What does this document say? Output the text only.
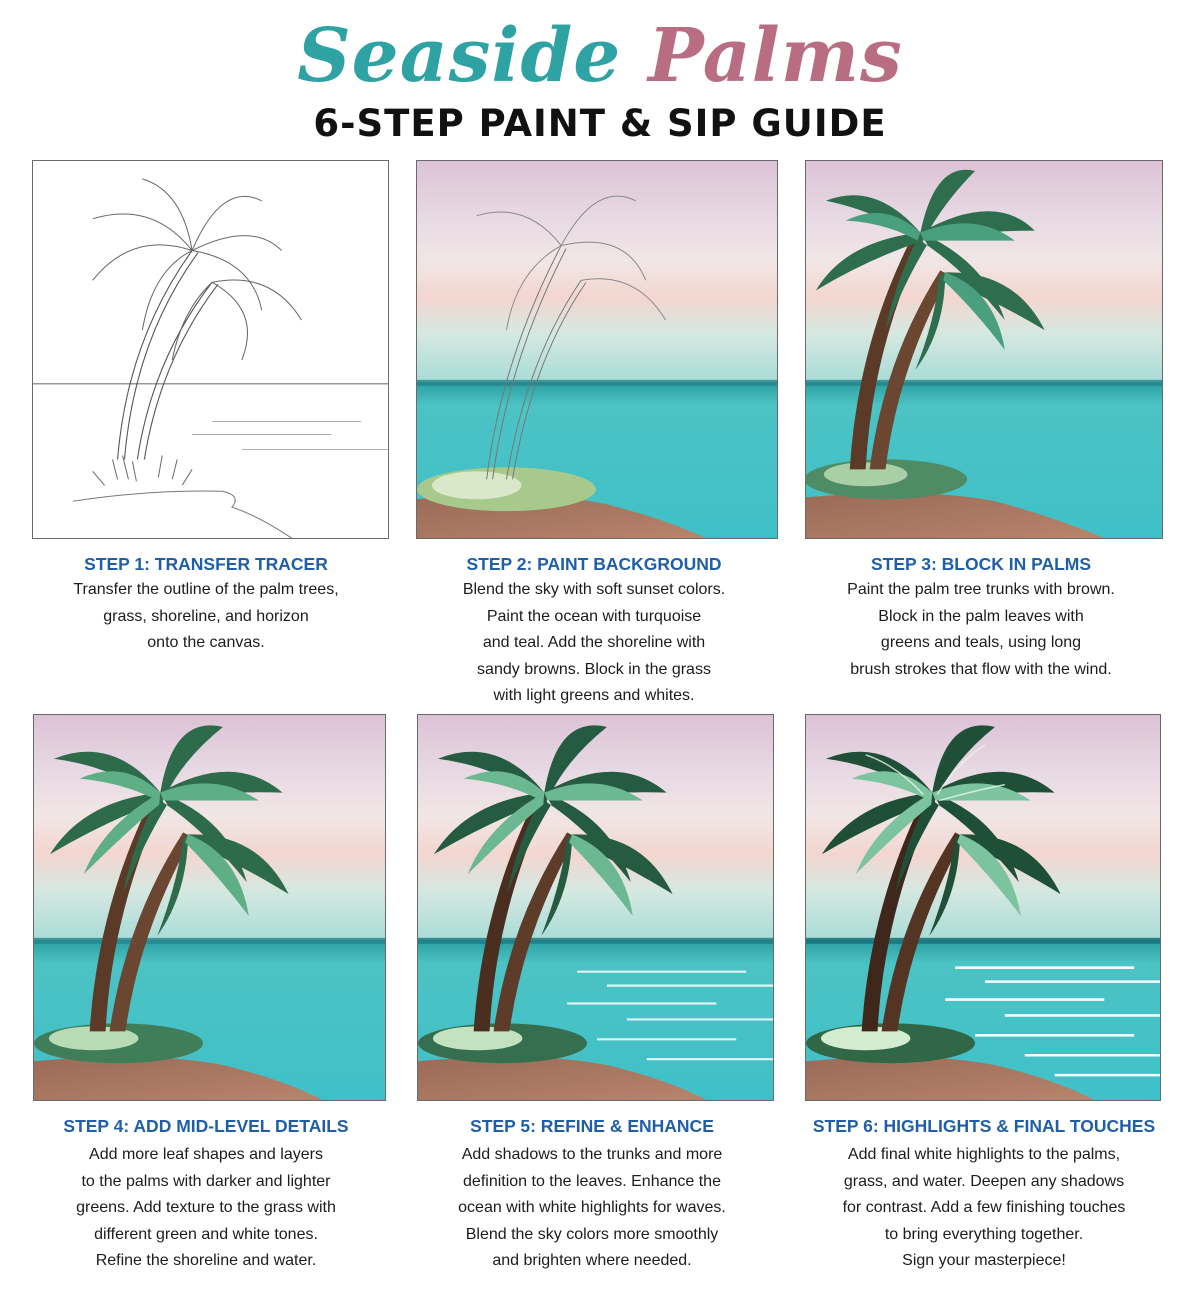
Seaside Palms
6-STEP PAINT & SIP GUIDE
STEP 1: TRANSFER TRACER
Transfer the outline of the palm trees,
grass, shoreline, and horizon
onto the canvas.
STEP 2: PAINT BACKGROUND
Blend the sky with soft sunset colors.
Paint the ocean with turquoise
and teal. Add the shoreline with
sandy browns. Block in the grass
with light greens and whites.
STEP 3: BLOCK IN PALMS
Paint the palm tree trunks with brown.
Block in the palm leaves with
greens and teals, using long
brush strokes that flow with the wind.
STEP 4: ADD MID-LEVEL DETAILS
Add more leaf shapes and layers
to the palms with darker and lighter
greens. Add texture to the grass with
different green and white tones.
Refine the shoreline and water.
STEP 5: REFINE & ENHANCE
Add shadows to the trunks and more
definition to the leaves. Enhance the
ocean with white highlights for waves.
Blend the sky colors more smoothly
and brighten where needed.
STEP 6: HIGHLIGHTS & FINAL TOUCHES
Add final white highlights to the palms,
grass, and water. Deepen any shadows
for contrast. Add a few finishing touches
to bring everything together.
Sign your masterpiece!
